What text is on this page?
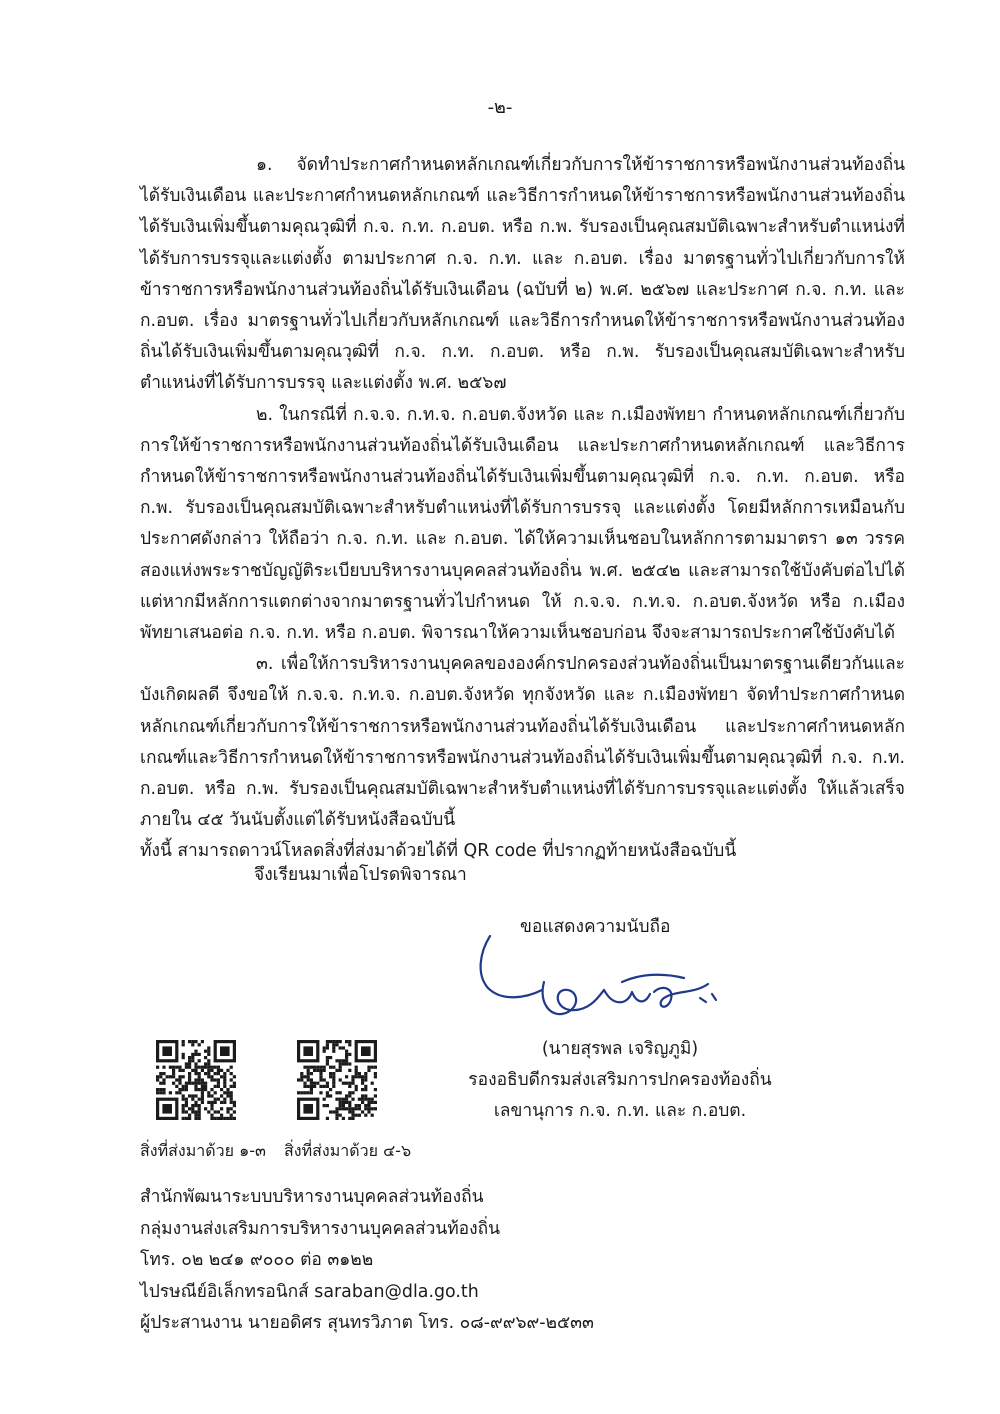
-๒-

๑. จัดทำประกาศกำหนดหลักเกณฑ์เกี่ยวกับการให้ข้าราชการหรือพนักงานส่วนท้องถิ่นได้รับเงินเดือน และประกาศกำหนดหลักเกณฑ์ และวิธีการกำหนดให้ข้าราชการหรือพนักงานส่วนท้องถิ่นได้รับเงินเพิ่มขึ้นตามคุณวุฒิที่ ก.จ. ก.ท. ก.อบต. หรือ ก.พ. รับรองเป็นคุณสมบัติเฉพาะสำหรับตำแหน่งที่ได้รับการบรรจุและแต่งตั้ง ตามประกาศ ก.จ. ก.ท. และ ก.อบต. เรื่อง มาตรฐานทั่วไปเกี่ยวกับการให้ข้าราชการหรือพนักงานส่วนท้องถิ่นได้รับเงินเดือน (ฉบับที่ ๒) พ.ศ. ๒๕๖๗ และประกาศ ก.จ. ก.ท. และ ก.อบต. เรื่อง มาตรฐานทั่วไปเกี่ยวกับหลักเกณฑ์ และวิธีการกำหนดให้ข้าราชการหรือพนักงานส่วนท้องถิ่นได้รับเงินเพิ่มขึ้นตามคุณวุฒิที่ ก.จ. ก.ท. ก.อบต. หรือ ก.พ. รับรองเป็นคุณสมบัติเฉพาะสำหรับตำแหน่งที่ได้รับการบรรจุ และแต่งตั้ง พ.ศ. ๒๕๖๗

๒. ในกรณีที่ ก.จ.จ. ก.ท.จ. ก.อบต.จังหวัด และ ก.เมืองพัทยา กำหนดหลักเกณฑ์เกี่ยวกับการให้ข้าราชการหรือพนักงานส่วนท้องถิ่นได้รับเงินเดือน และประกาศกำหนดหลักเกณฑ์ และวิธีการกำหนดให้ข้าราชการหรือพนักงานส่วนท้องถิ่นได้รับเงินเพิ่มขึ้นตามคุณวุฒิที่ ก.จ. ก.ท. ก.อบต. หรือ ก.พ. รับรองเป็นคุณสมบัติเฉพาะสำหรับตำแหน่งที่ได้รับการบรรจุ และแต่งตั้ง โดยมีหลักการเหมือนกับประกาศดังกล่าว ให้ถือว่า ก.จ. ก.ท. และ ก.อบต. ได้ให้ความเห็นชอบในหลักการตามมาตรา ๑๓ วรรคสองแห่งพระราชบัญญัติระเบียบบริหารงานบุคคลส่วนท้องถิ่น พ.ศ. ๒๕๔๒ และสามารถใช้บังคับต่อไปได้ แต่หากมีหลักการแตกต่างจากมาตรฐานทั่วไปกำหนด ให้ ก.จ.จ. ก.ท.จ. ก.อบต.จังหวัด หรือ ก.เมืองพัทยาเสนอต่อ ก.จ. ก.ท. หรือ ก.อบต. พิจารณาให้ความเห็นชอบก่อน จึงจะสามารถประกาศใช้บังคับได้

๓. เพื่อให้การบริหารงานบุคคลขององค์กรปกครองส่วนท้องถิ่นเป็นมาตรฐานเดียวกันและบังเกิดผลดี จึงขอให้ ก.จ.จ. ก.ท.จ. ก.อบต.จังหวัด ทุกจังหวัด และ ก.เมืองพัทยา จัดทำประกาศกำหนดหลักเกณฑ์เกี่ยวกับการให้ข้าราชการหรือพนักงานส่วนท้องถิ่นได้รับเงินเดือน และประกาศกำหนดหลักเกณฑ์และวิธีการกำหนดให้ข้าราชการหรือพนักงานส่วนท้องถิ่นได้รับเงินเพิ่มขึ้นตามคุณวุฒิที่ ก.จ. ก.ท. ก.อบต. หรือ ก.พ. รับรองเป็นคุณสมบัติเฉพาะสำหรับตำแหน่งที่ได้รับการบรรจุและแต่งตั้ง ให้แล้วเสร็จภายใน ๔๕ วันนับตั้งแต่ได้รับหนังสือฉบับนี้

ทั้งนี้ สามารถดาวน์โหลดสิ่งที่ส่งมาด้วยได้ที่ QR code ที่ปรากฏท้ายหนังสือฉบับนี้

จึงเรียนมาเพื่อโปรดพิจารณา
ขอแสดงความนับถือ
(นายสุรพล เจริญภูมิ)
รองอธิบดีกรมส่งเสริมการปกครองท้องถิ่น
เลขานุการ ก.จ. ก.ท. และ ก.อบต.
สิ่งที่ส่งมาด้วย ๑-๓ สิ่งที่ส่งมาด้วย ๔-๖
สำนักพัฒนาระบบบริหารงานบุคคลส่วนท้องถิ่น
กลุ่มงานส่งเสริมการบริหารงานบุคคลส่วนท้องถิ่น
โทร. ๐๒ ๒๔๑ ๙๐๐๐ ต่อ ๓๑๒๒
ไปรษณีย์อิเล็กทรอนิกส์ saraban@dla.go.th
ผู้ประสานงาน นายอดิศร สุนทรวิภาต โทร. ๐๘-๙๙๖๙-๒๕๓๓
